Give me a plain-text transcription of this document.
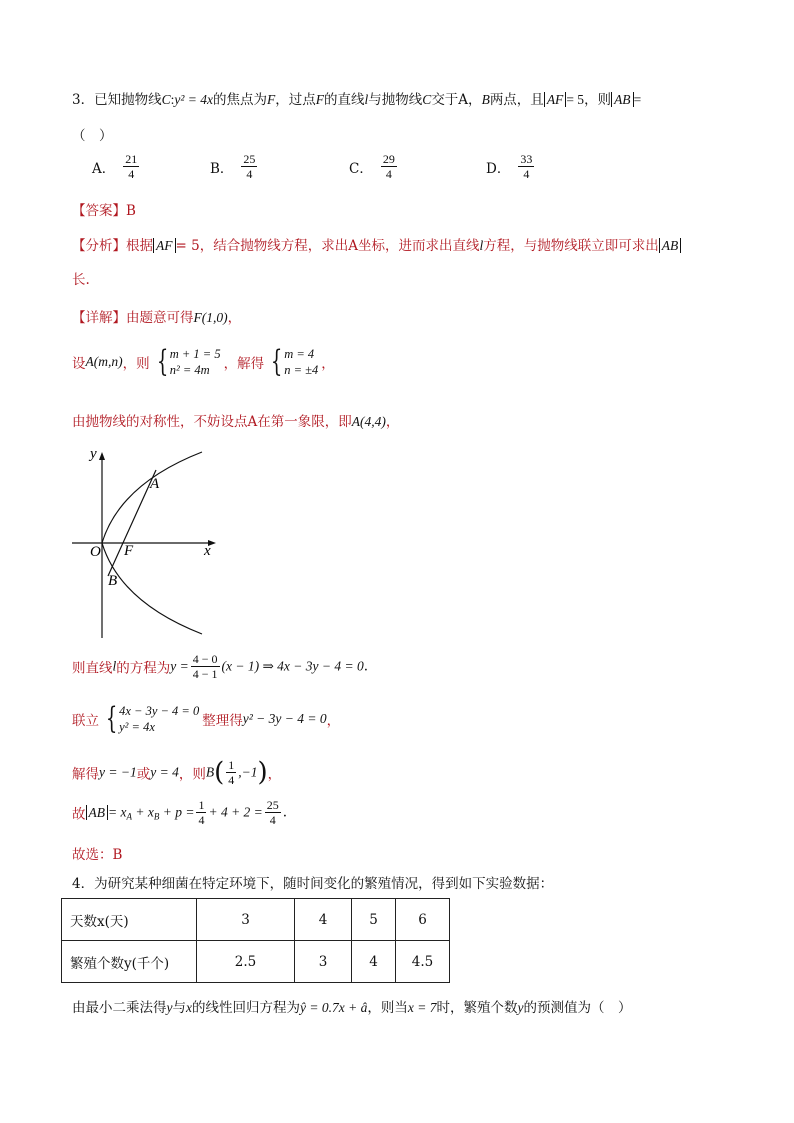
3．已知抛物线C:y² = 4x的焦点为F，过点F的直线l与抛物线C交于A，B两点，且 AF = 5，则 AB =
（　）
A． $\frac{21}{4}$	B． $\frac{25}{4}$	C． $\frac{29}{4}$	D． $\frac{33}{4}$
【答案】B
【分析】根据 AF = 5，结合抛物线方程，求出A坐标，进而求出直线l方程，与抛物线联立即可求出 AB
长.
【详解】由题意可得F(1,0)，
设A(m,n)，则 { m + 1 = 5
n² = 4m	，解得 { m = 4
n = ±4 ，
由抛物线的对称性，不妨设点A在第一象限，即A(4,4)，
y
x
O F
A
B
则直线l的方程为$y = \frac{4 - 0}{4 - 1} (x - 1)$ ⇒ 4x − 3y − 4 = 0.
联立 { 4x − 3y − 4 = 0
y² = 4x	整理得y² − 3y − 4 = 0，
解得y = −1或y = 4，则$B( \frac{1}{4} ,-1)$，
故 AB = $x_A + x_B + p = \frac{1}{4} + 4 + 2 = \frac{25}{4}$ .
故选：B
4．为研究某种细菌在特定环境下，随时间变化的繁殖情况，得到如下实验数据：
天数x(天)	3	4	5	6
繁殖个数y(千个)	2.5	3	4	4.5
由最小二乘法得y与x的线性回归方程为ŷ = 0.7x + â，则当x = 7时，繁殖个数y的预测值为（　）
